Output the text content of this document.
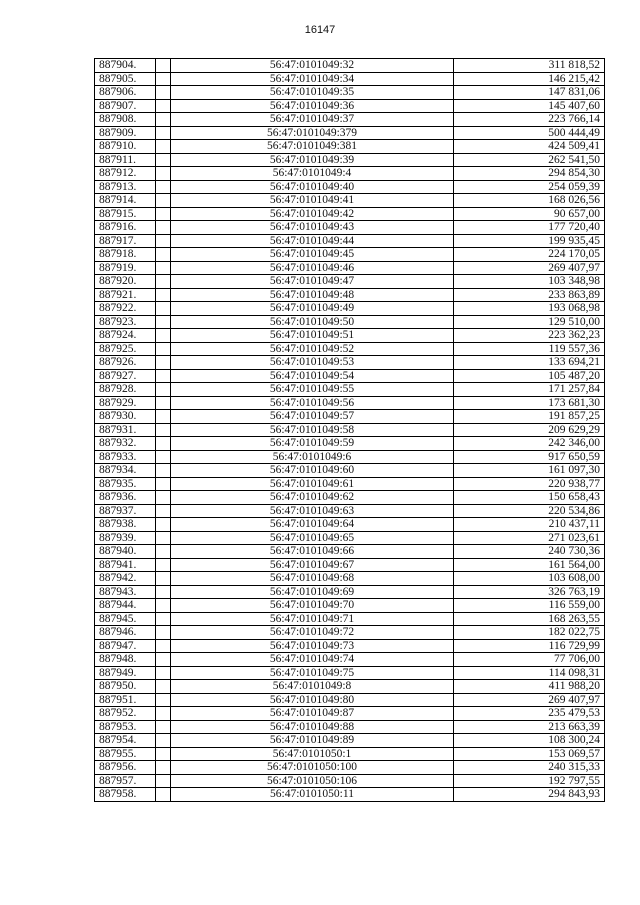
16147
887904.		56:47:0101049:32	311 818,52
887905.		56:47:0101049:34	146 215,42
887906.		56:47:0101049:35	147 831,06
887907.		56:47:0101049:36	145 407,60
887908.		56:47:0101049:37	223 766,14
887909.		56:47:0101049:379	500 444,49
887910.		56:47:0101049:381	424 509,41
887911.		56:47:0101049:39	262 541,50
887912.		56:47:0101049:4	294 854,30
887913.		56:47:0101049:40	254 059,39
887914.		56:47:0101049:41	168 026,56
887915.		56:47:0101049:42	90 657,00
887916.		56:47:0101049:43	177 720,40
887917.		56:47:0101049:44	199 935,45
887918.		56:47:0101049:45	224 170,05
887919.		56:47:0101049:46	269 407,97
887920.		56:47:0101049:47	103 348,98
887921.		56:47:0101049:48	233 863,89
887922.		56:47:0101049:49	193 068,98
887923.		56:47:0101049:50	129 510,00
887924.		56:47:0101049:51	223 362,23
887925.		56:47:0101049:52	119 557,36
887926.		56:47:0101049:53	133 694,21
887927.		56:47:0101049:54	105 487,20
887928.		56:47:0101049:55	171 257,84
887929.		56:47:0101049:56	173 681,30
887930.		56:47:0101049:57	191 857,25
887931.		56:47:0101049:58	209 629,29
887932.		56:47:0101049:59	242 346,00
887933.		56:47:0101049:6	917 650,59
887934.		56:47:0101049:60	161 097,30
887935.		56:47:0101049:61	220 938,77
887936.		56:47:0101049:62	150 658,43
887937.		56:47:0101049:63	220 534,86
887938.		56:47:0101049:64	210 437,11
887939.		56:47:0101049:65	271 023,61
887940.		56:47:0101049:66	240 730,36
887941.		56:47:0101049:67	161 564,00
887942.		56:47:0101049:68	103 608,00
887943.		56:47:0101049:69	326 763,19
887944.		56:47:0101049:70	116 559,00
887945.		56:47:0101049:71	168 263,55
887946.		56:47:0101049:72	182 022,75
887947.		56:47:0101049:73	116 729,99
887948.		56:47:0101049:74	77 706,00
887949.		56:47:0101049:75	114 098,31
887950.		56:47:0101049:8	411 988,20
887951.		56:47:0101049:80	269 407,97
887952.		56:47:0101049:87	235 479,53
887953.		56:47:0101049:88	213 663,39
887954.		56:47:0101049:89	108 300,24
887955.		56:47:0101050:1	153 069,57
887956.		56:47:0101050:100	240 315,33
887957.		56:47:0101050:106	192 797,55
887958.		56:47:0101050:11	294 843,93
